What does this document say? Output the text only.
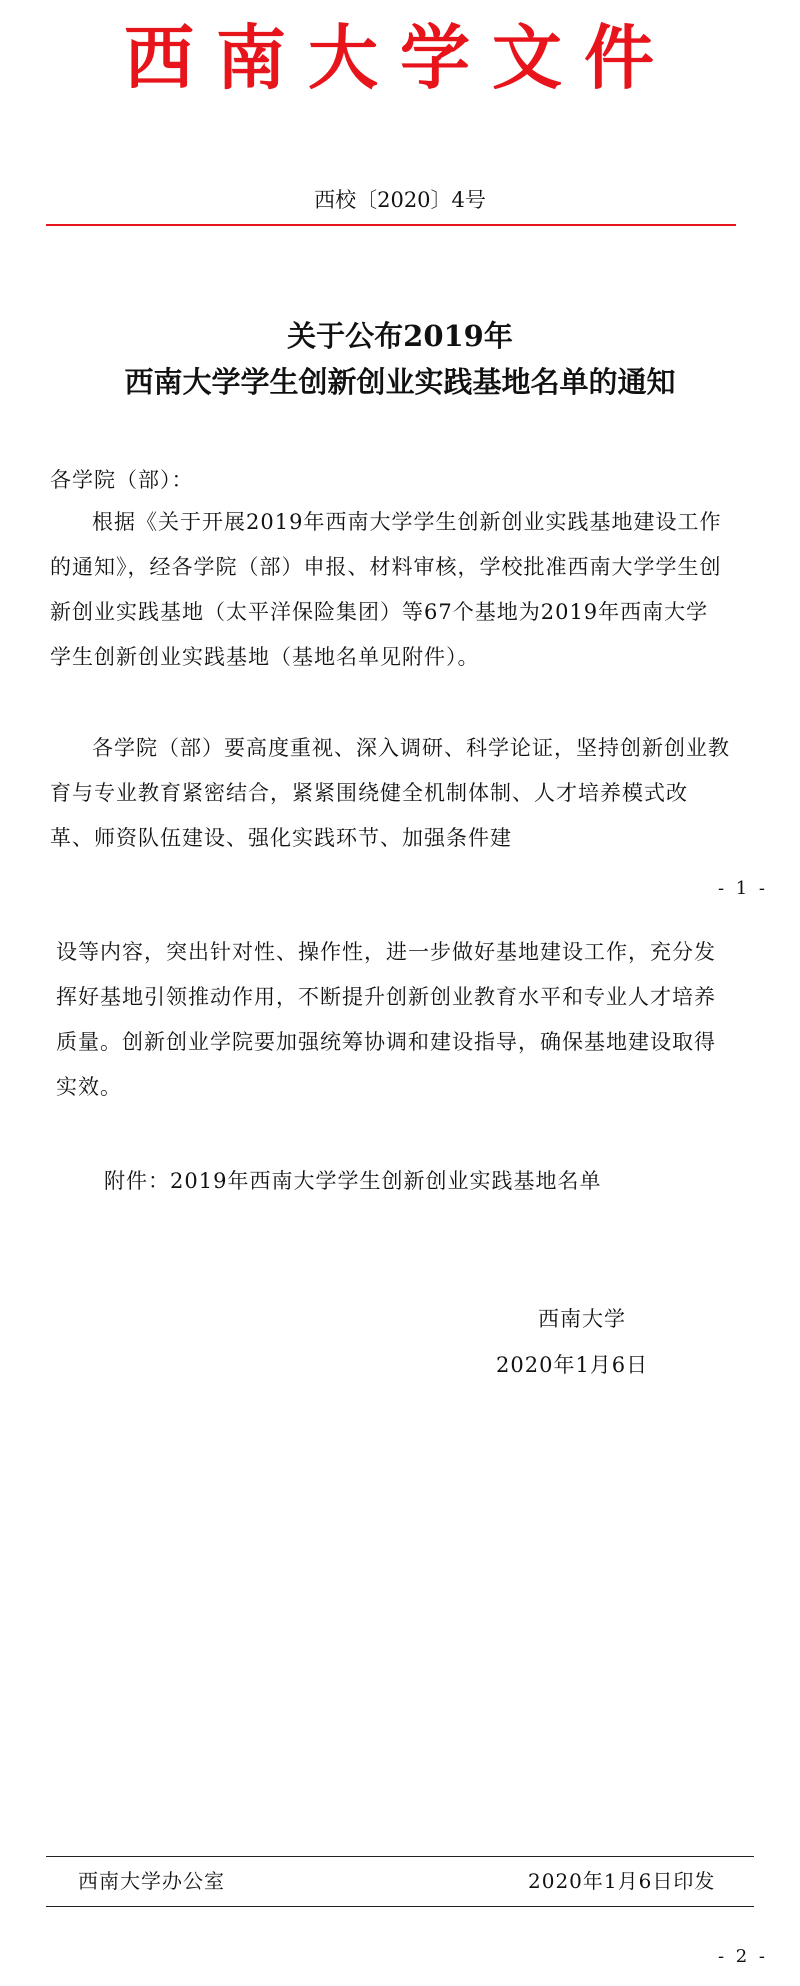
西南大学文件
西校〔2020〕4号
关于公布2019年
西南大学学生创新创业实践基地名单的通知
各学院（部）：
根据《关于开展2019年西南大学学生创新创业实践基地建设工作的通知》，经各学院（部）申报、材料审核，学校批准西南大学学生创新创业实践基地（太平洋保险集团）等67个基地为2019年西南大学学生创新创业实践基地（基地名单见附件）。
各学院（部）要高度重视、深入调研、科学论证，坚持创新创业教育与专业教育紧密结合，紧紧围绕健全机制体制、人才培养模式改革、师资队伍建设、强化实践环节、加强条件建
- 1 -
设等内容，突出针对性、操作性，进一步做好基地建设工作，充分发挥好基地引领推动作用，不断提升创新创业教育水平和专业人才培养质量。创新创业学院要加强统筹协调和建设指导，确保基地建设取得实效。
附件：2019年西南大学学生创新创业实践基地名单
西南大学
2020年1月6日
西南大学办公室	2020年1月6日印发
- 2 -
